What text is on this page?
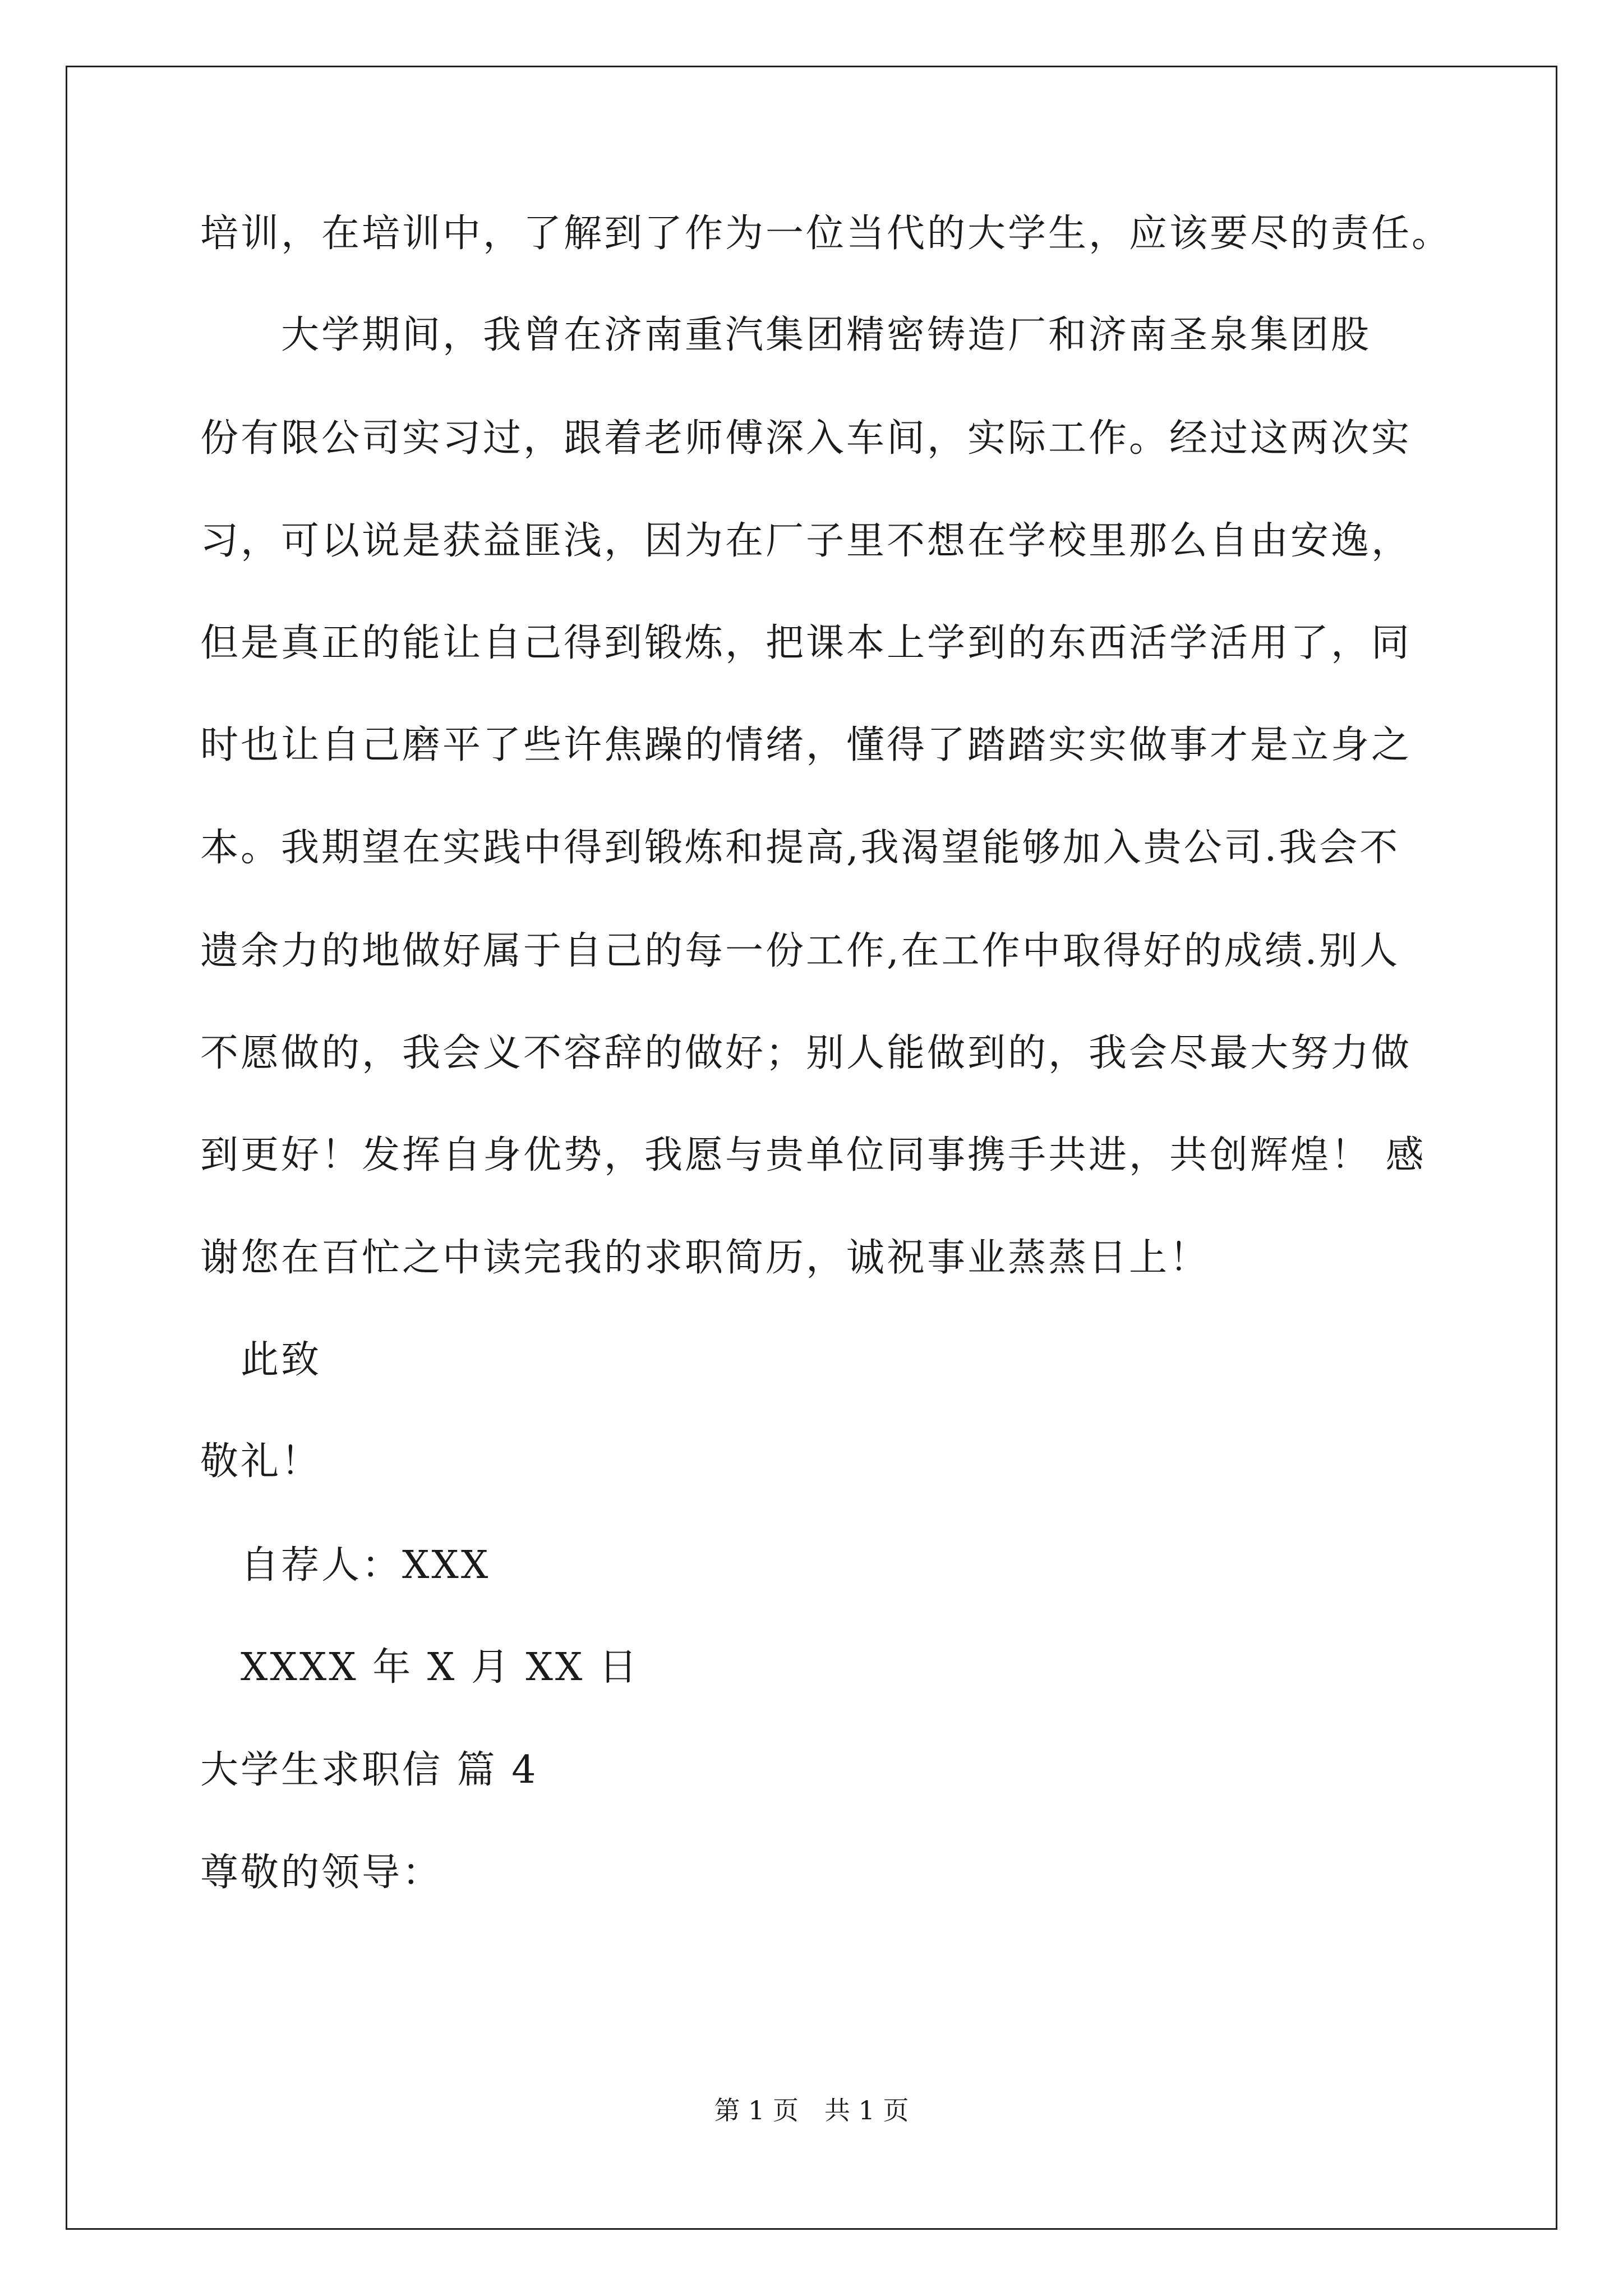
培训，在培训中，了解到了作为一位当代的大学生，应该要尽的责任。
　　大学期间，我曾在济南重汽集团精密铸造厂和济南圣泉集团股
份有限公司实习过，跟着老师傅深入车间，实际工作。经过这两次实
习，可以说是获益匪浅，因为在厂子里不想在学校里那么自由安逸，
但是真正的能让自己得到锻炼，把课本上学到的东西活学活用了，同
时也让自己磨平了些许焦躁的情绪，懂得了踏踏实实做事才是立身之
本。我期望在实践中得到锻炼和提高,我渴望能够加入贵公司.我会不
遗余力的地做好属于自己的每一份工作,在工作中取得好的成绩.别人
不愿做的，我会义不容辞的做好；别人能做到的，我会尽最大努力做
到更好！发挥自身优势，我愿与贵单位同事携手共进，共创辉煌！ 感
谢您在百忙之中读完我的求职简历，诚祝事业蒸蒸日上！
　此致
敬礼！
　自荐人：XXX
　XXXX 年 X 月 XX 日
大学生求职信 篇 4
尊敬的领导：
第 1 页　共 1 页
